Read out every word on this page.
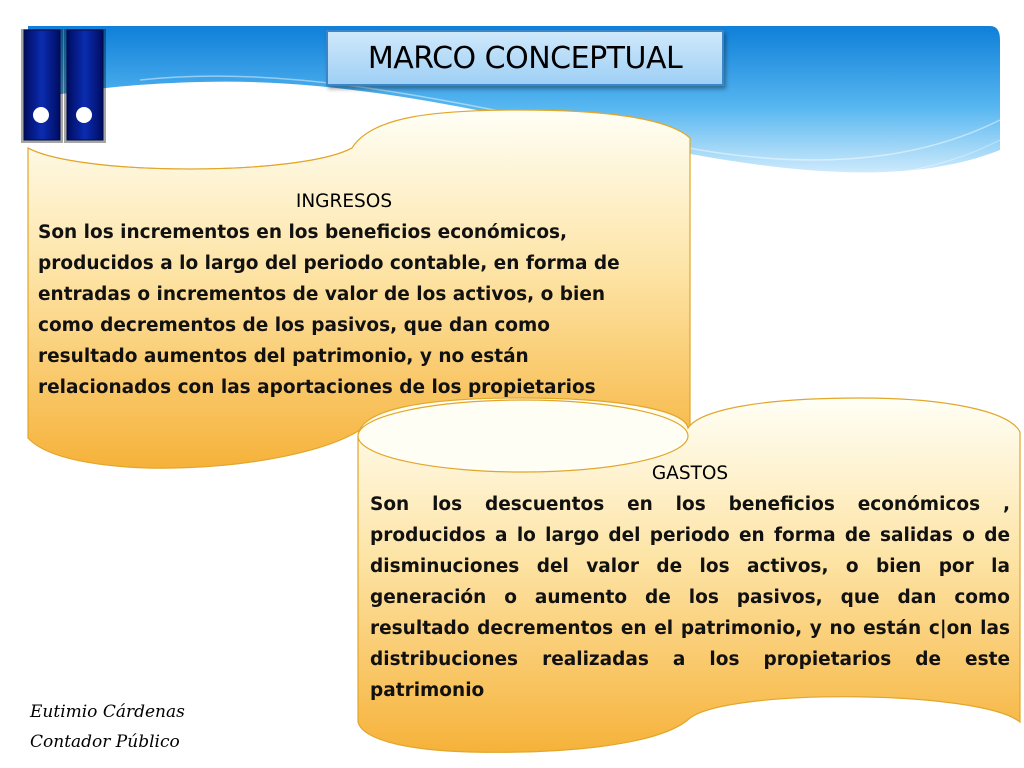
MARCO CONCEPTUAL
INGRESOS
Son los incrementos en los beneficios económicos,
producidos a lo largo del periodo contable, en forma de
entradas o incrementos de valor de los activos, o bien
como decrementos de los pasivos, que dan como
resultado aumentos del patrimonio, y no están
relacionados con las aportaciones de los propietarios
GASTOS
Son los descuentos en los beneficios económicos , producidos a lo largo del periodo en forma de salidas o de disminuciones del valor de los activos, o bien por la generación o aumento de los pasivos, que dan como resultado decrementos en el patrimonio, y no están c|on las distribuciones realizadas a los propietarios de este patrimonio
Eutimio Cárdenas
Contador Público
